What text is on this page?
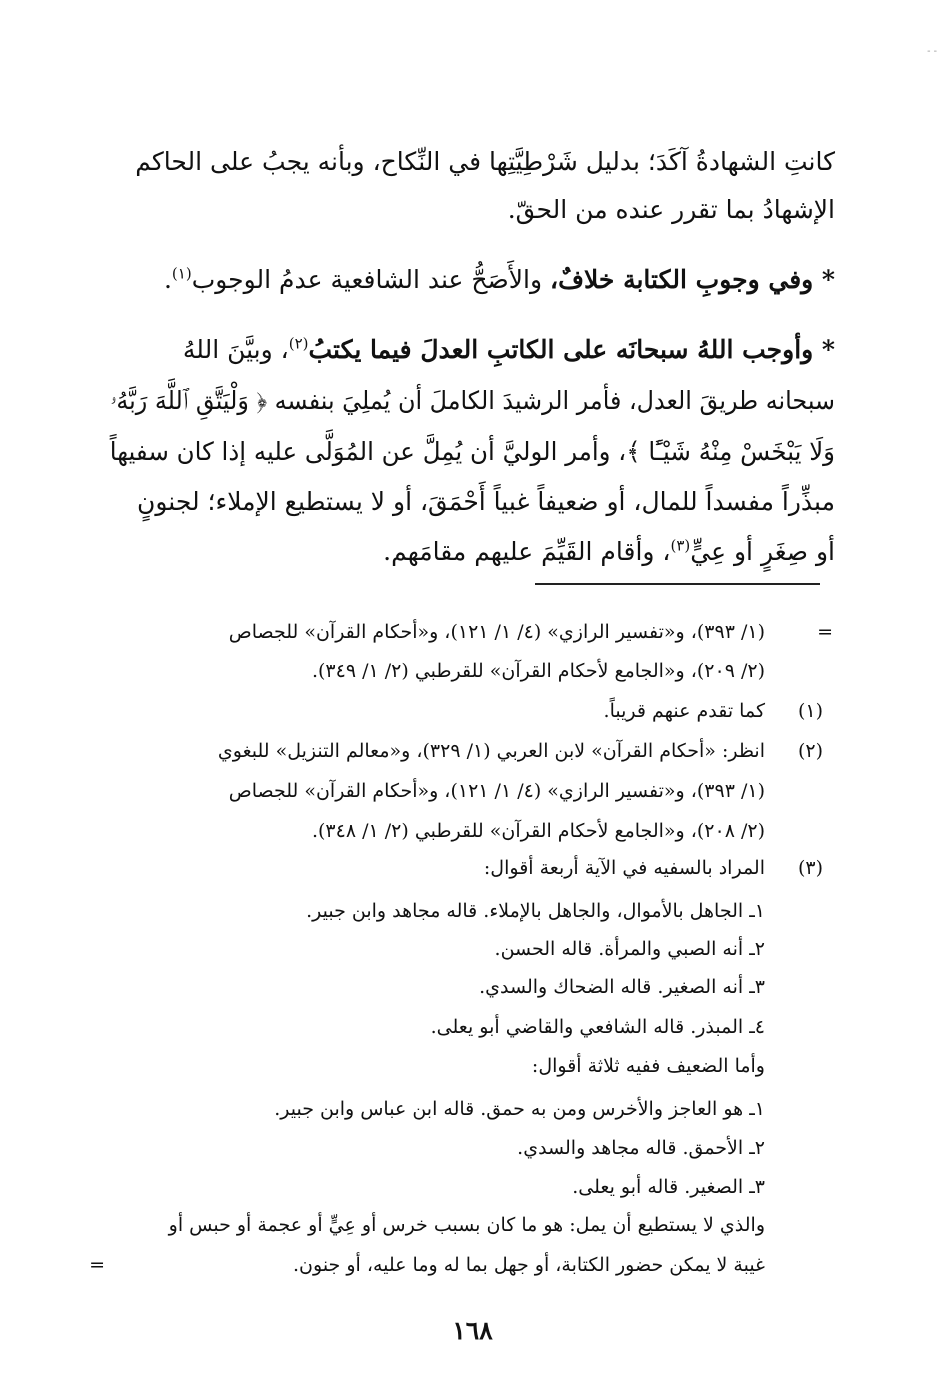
- -
كانتِ الشهادةُ آكَدَ؛ بدليل شَرْطِيَّتِها في النِّكاح، وبأنه يجبُ على الحاكم
الإشهادُ بما تقرر عنده من الحقّ.
* وفي وجوبِ الكتابة خلافٌ، والأَصَحُّ عند الشافعية عدمُ الوجوب$^{(١)}$.
* وأوجب اللهُ سبحانَه على الكاتبِ العدلَ فيما يكتبُ$^{(٢)}$، وبيَّنَ اللهُ
سبحانه طريقَ العدل، فأمر الرشيدَ الكاملَ أن يُملِيَ بنفسه ﴿ وَلْيَتَّقِ ٱللَّهَ رَبَّهُۥ
وَلَا يَبْخَسْ مِنْهُ شَيْـًٔا ﴾، وأمر الوليَّ أن يُمِلَّ عن المُوَلَّى عليه إذا كان سفيهاً
مبذِّراً مفسداً للمال، أو ضعيفاً غبياً أَحْمَقَ، أو لا يستطيع الإملاء؛ لجنونٍ
أو صِغَرٍ أو عِيٍّ$^{(٣)}$، وأقام القَيِّمَ عليهم مقامَهم.
=
(١/ ٣٩٣)، و«تفسير الرازي» (٤/ ١/ ١٢١)، و«أحكام القرآن» للجصاص
(٢/ ٢٠٩)، و«الجامع لأحكام القرآن» للقرطبي (٢/ ١/ ٣٤٩).
(١)
كما تقدم عنهم قريباً.
(٢)
انظر: «أحكام القرآن» لابن العربي (١/ ٣٢٩)، و«معالم التنزيل» للبغوي
(١/ ٣٩٣)، و«تفسير الرازي» (٤/ ١/ ١٢١)، و«أحكام القرآن» للجصاص
(٢/ ٢٠٨)، و«الجامع لأحكام القرآن» للقرطبي (٢/ ١/ ٣٤٨).
(٣)
المراد بالسفيه في الآية أربعة أقوال:
١ـ الجاهل بالأموال، والجاهل بالإملاء. قاله مجاهد وابن جبير.
٢ـ أنه الصبي والمرأة. قاله الحسن.
٣ـ أنه الصغير. قاله الضحاك والسدي.
٤ـ المبذر. قاله الشافعي والقاضي أبو يعلى.
وأما الضعيف ففيه ثلاثة أقوال:
١ـ هو العاجز والأخرس ومن به حمق. قاله ابن عباس وابن جبير.
٢ـ الأحمق. قاله مجاهد والسدي.
٣ـ الصغير. قاله أبو يعلى.
والذي لا يستطيع أن يمل: هو ما كان بسبب خرس أو عِيٍّ أو عجمة أو حبس أو
غيبة لا يمكن حضور الكتابة، أو جهل بما له وما عليه، أو جنون.
=
١٦٨
